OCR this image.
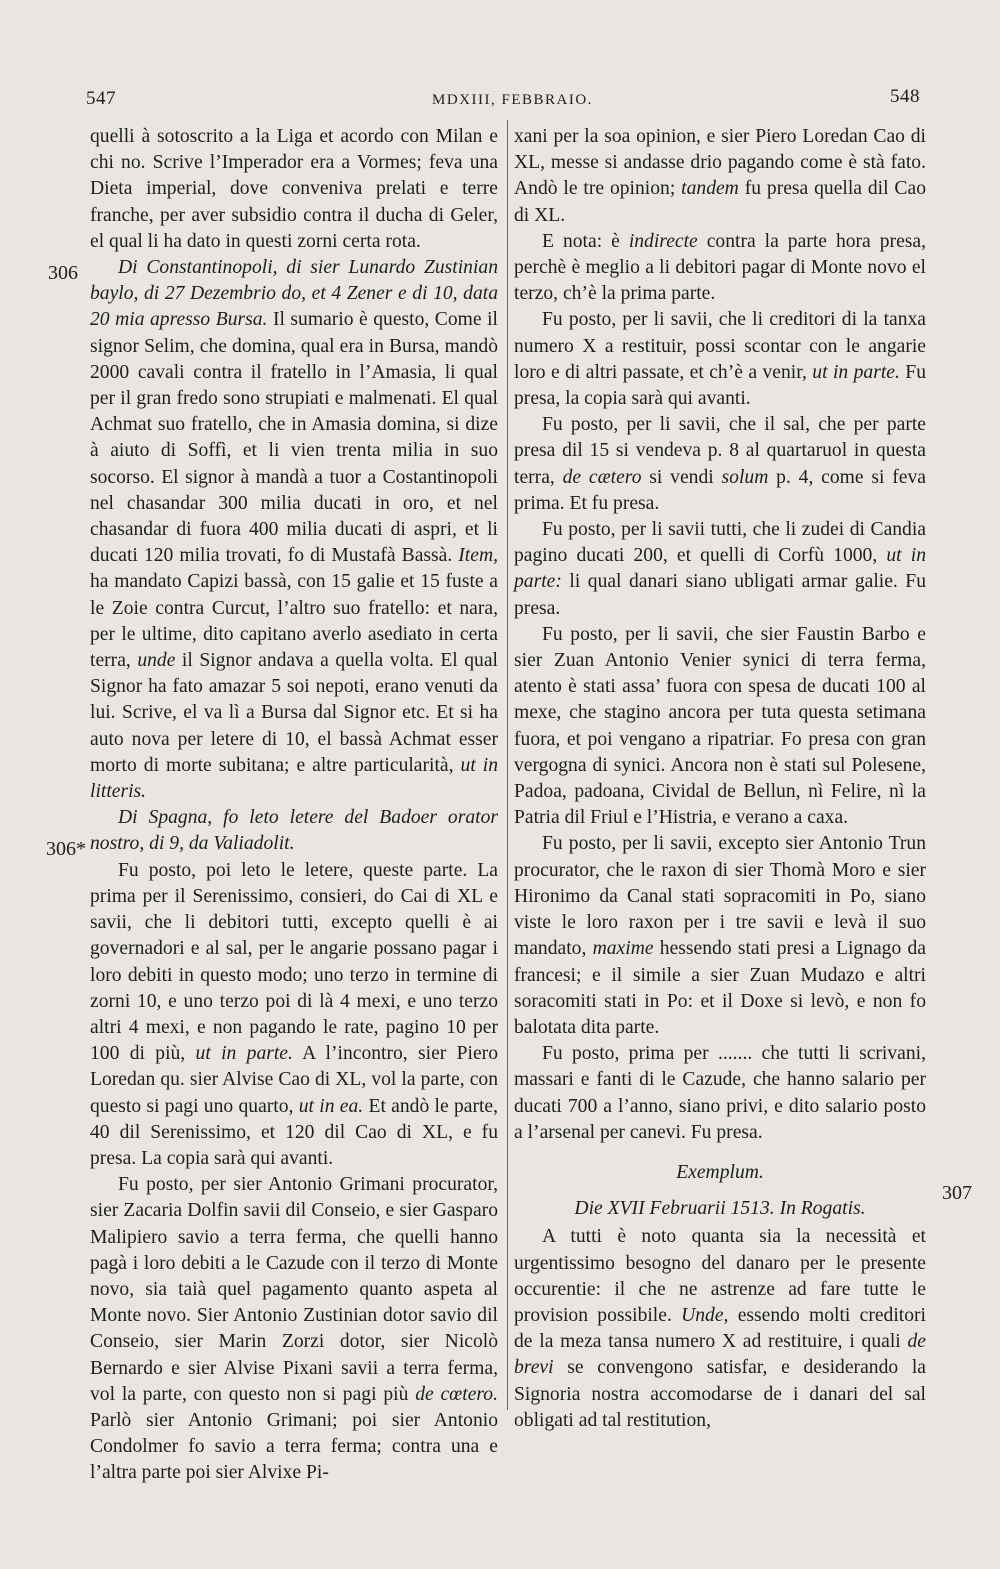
547	MDXIII, FEBBRAIO.	548
306
306*
307

quelli à sotoscrito a la Liga et acordo con Milan e chi no. Scrive l’Imperador era a Vormes; feva una Dieta imperial, dove conveniva prelati e terre franche, per aver subsidio contra il ducha di Geler, el qual li ha dato in questi zorni certa rota.

Di Constantinopoli, di sier Lunardo Zustinian baylo, di 27 Dezembrio do, et 4 Zener e di 10, data 20 mia apresso Bursa. Il sumario è questo, Come il signor Selim, che domina, qual era in Bursa, mandò 2000 cavali contra il fratello in l’Amasia, li qual per il gran fredo sono strupiati e malmenati. El qual Achmat suo fratello, che in Amasia domina, si dize à aiuto di Soffì, et li vien trenta milia in suo socorso. El signor à mandà a tuor a Costantinopoli nel chasandar 300 milia ducati in oro, et nel chasandar di fuora 400 milia ducati di aspri, et li ducati 120 milia trovati, fo di Mustafà Bassà. Item, ha mandato Capizi bassà, con 15 galie et 15 fuste a le Zoie contra Curcut, l’altro suo fratello: et nara, per le ultime, dito capitano averlo asediato in certa terra, unde il Signor andava a quella volta. El qual Signor ha fato amazar 5 soi nepoti, erano venuti da lui. Scrive, el va lì a Bursa dal Signor etc. Et si ha auto nova per letere di 10, el bassà Achmat esser morto di morte subitana; e altre particularità, ut in litteris.

Di Spagna, fo leto letere del Badoer orator nostro, di 9, da Valiadolit.

Fu posto, poi leto le letere, queste parte. La prima per il Serenissimo, consieri, do Cai di XL e savii, che li debitori tutti, excepto quelli è ai governadori e al sal, per le angarie possano pagar i loro debiti in questo modo; uno terzo in termine di zorni 10, e uno terzo poi di là 4 mexi, e uno terzo altri 4 mexi, e non pagando le rate, pagino 10 per 100 di più, ut in parte. A l’incontro, sier Piero Loredan qu. sier Alvise Cao di XL, vol la parte, con questo si pagi uno quarto, ut in ea. Et andò le parte, 40 dil Serenissimo, et 120 dil Cao di XL, e fu presa. La copia sarà qui avanti.

Fu posto, per sier Antonio Grimani procurator, sier Zacaria Dolfin savii dil Conseio, e sier Gasparo Malipiero savio a terra ferma, che quelli hanno pagà i loro debiti a le Cazude con il terzo di Monte novo, sia taià quel pagamento quanto aspeta al Monte novo. Sier Antonio Zustinian dotor savio dil Conseio, sier Marin Zorzi dotor, sier Nicolò Bernardo e sier Alvise Pixani savii a terra ferma, vol la parte, con questo non si pagi più de cœtero. Parlò sier Antonio Grimani; poi sier Antonio Condolmer fo savio a terra ferma; contra una e l’altra parte poi sier Alvixe Pi-

xani per la soa opinion, e sier Piero Loredan Cao di XL, messe si andasse drio pagando come è stà fato. Andò le tre opinion; tandem fu presa quella dil Cao di XL.

E nota: è indirecte contra la parte hora presa, perchè è meglio a li debitori pagar di Monte novo el terzo, ch’è la prima parte.

Fu posto, per li savii, che li creditori di la tanxa numero X a restituir, possi scontar con le angarie loro e di altri passate, et ch’è a venir, ut in parte. Fu presa, la copia sarà qui avanti.

Fu posto, per li savii, che il sal, che per parte presa dil 15 si vendeva p. 8 al quartaruol in questa terra, de cætero si vendi solum p. 4, come si feva prima. Et fu presa.

Fu posto, per li savii tutti, che li zudei di Candia pagino ducati 200, et quelli di Corfù 1000, ut in parte: li qual danari siano ubligati armar galie. Fu presa.

Fu posto, per li savii, che sier Faustin Barbo e sier Zuan Antonio Venier synici di terra ferma, atento è stati assa’ fuora con spesa de ducati 100 al mexe, che stagino ancora per tuta questa setimana fuora, et poi vengano a ripatriar. Fo presa con gran vergogna di synici. Ancora non è stati sul Polesene, Padoa, padoana, Cividal de Bellun, nì Felire, nì la Patria dil Friul e l’Histria, e verano a caxa.

Fu posto, per li savii, excepto sier Antonio Trun procurator, che le raxon di sier Thomà Moro e sier Hironimo da Canal stati sopracomiti in Po, siano viste le loro raxon per i tre savii e levà il suo mandato, maxime hessendo stati presi a Lignago da francesi; e il simile a sier Zuan Mudazo e altri soracomiti stati in Po: et il Doxe si levò, e non fo balotata dita parte.

Fu posto, prima per ....... che tutti li scrivani, massari e fanti di le Cazude, che hanno salario per ducati 700 a l’anno, siano privi, e dito salario posto a l’arsenal per canevi. Fu presa.

Exemplum.

Die XVII Februarii 1513. In Rogatis.

A tutti è noto quanta sia la necessità et urgentissimo besogno del danaro per le presente occurentie: il che ne astrenze ad fare tutte le provision possibile. Unde, essendo molti creditori de la meza tansa numero X ad restituire, i quali de brevi se convengono satisfar, e desiderando la Signoria nostra accomodarse de i danari del sal obligati ad tal restitution,
